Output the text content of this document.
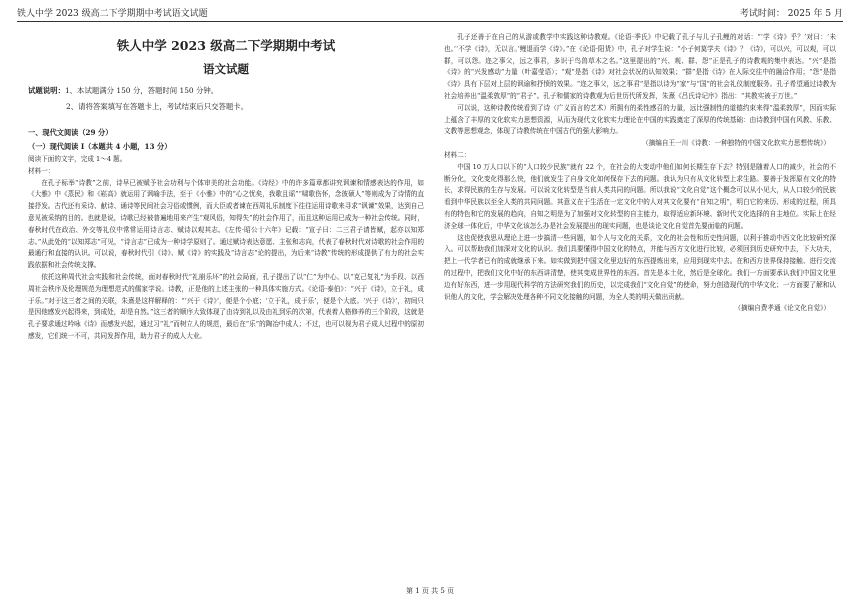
铁人中学 2023 级高二下学期期中考试语文试题	考试时间： 2025 年 5 月
铁人中学 2023 级高二下学期期中考试
语文试题
试题说明：1、本试题满分 150 分，答题时间 150 分钟。
2、请将答案填写在答题卡上，考试结束后只交答题卡。
一、现代文阅读（29 分）
（一）现代阅读 Ⅰ（本题共 4 小题，13 分）

阅读下面的文字，完成 1～4 题。

材料一：

在孔子标举“诗教”之前，诗早已被赋予社会功利与个体审美的社会功能。《诗经》中的许多篇章都讲究讽谏和情感表达的作用，如《大雅》中《蒸民》和《崧高》就运用了讽喻手法，至于《小雅》中的“心之忧矣，我歌且谣”“啸歌伤怀，念彼硕人”等则成为了诗情的直接抒发。古代还有采诗、献诗、诵诗等民间社会习俗或惯例，而大臣或者谏在西周礼乐制度下往往运用诗歌来寻求“讽谏”效果，达到自己意见被采纳的目的。也就是说，诗歌已经被普遍地用来产生“观风俗，知得失”的社会作用了，而且这种运用已成为一种社会传统。同时，春秋时代在政治、外交等礼仪中常常运用诗言志、赋诗以观其志。《左传·昭公十六年》记载：“宣子曰：二三君子请皆赋，起亦以知郑志。”从此处的“以知郑志”可见，“诗言志”已成为一种诗学原则了。通过赋诗表达意愿、主张和志向，代表了春秋时代对诗歌的社会作用的最通行和直接的认识。可以说，春秋时代引《诗》、赋《诗》的实践及“诗言志”论的提出，为后来“诗教”传统的形成提供了有力的社会实践依据和社会传统支撑。

依托这种周代社会实践和社会传统，面对春秋时代“礼崩乐坏”的社会局面，孔子提出了以“仁”为中心、以“克己复礼”为手段、以西周社会秩序及伦理规范为理想范式的儒家学说。诗教，正是他的上述主张的一种具体实施方式。《论语·泰伯》：“兴于《诗》，立于礼，成于乐。”对于这三者之间的关联，朱熹是这样解释的：“‘兴于《诗》’，便是个小底；‘立于礼，成于乐’，便是个大底。‘兴于《诗》’，初间只是因他感发兴起得来，到成处，却是自然。”这三者的顺序大致体现了由诗到礼以及由礼到乐的次第，代表着人格修养的三个阶段，这就是孔子要求通过吟咏《诗》而感发兴起，通过习“礼”而树立人的规范，最后在“乐”的陶冶中成人；不过，也可以视为君子成人过程中的原初感发，它们统一不可，共同发挥作用，助力君子的成人大业。

孔子还善于在自己的从游或教学中实践这种诗教观。《论语·季氏》中记载了孔子与儿子孔鲤的对话：“‘学《诗》乎？’对曰：‘未也。’‘不学《诗》，无以言。’鲤退而学《诗》。”在《论语·阳货》中，孔子对学生说：“小子何莫学夫《诗》？《诗》，可以兴，可以观，可以群，可以怨。迩之事父，远之事君，多识于鸟兽草木之名。”这里提出的“兴、观、群、怨”正是孔子的诗教观的集中表达。“兴”是指《诗》的“兴发感动”力量（叶嘉莹语）；“观”是指《诗》对社会状况的认知效果；“群”是指《诗》在人际交往中的融洽作用；“怨”是指《诗》具有下层对上层的讽谕和抒愤的效果。“迩之事父，远之事君”是指以诗为“家”与“国”的社会礼仪制度服务。孔子希望通过诗教为社会培养出“温柔敦厚”的“君子”。孔子和儒家的诗教观为后世历代所发挥，朱熹《吕氏诗记序》指出：“其教实被于万世。”

可以说，这种诗教传统看到了诗（广义而言的艺术）所拥有的柔性感召的力量，远比强制性的道德约束来得“温柔敦厚”，因而实际上蕴含了丰厚的文化软实力思想资源，从而为现代文化软实力理论在中国的实践奠定了深厚的传统基础：由诗教到中国有风教、乐教、文教等思想观念，体现了诗教传统在中国古代的强大影响力。

（摘编自王一川《诗教：一种独特的中国文化软实力思想传统》）

材料二：

中国 10 万人口以下的“人口较少民族”就有 22 个，在社会的大变动中他们如何长期生存下去？特别是随着人口的减少，社会的不断分化，文化变化得那么快，他们就发生了自身文化如何保存下去的问题。我认为只有从文化转型上求生路。要善于发挥原有文化的特长，求得民族的生存与发展。可以说文化转型是当前人类共同的问题。所以我说“文化自觉”这个概念可以从小见大，从人口较少的民族看到中华民族以至全人类的共同问题。其意义在于生活在一定文化中的人对其文化要有“自知之明”，明白它的来历、形成的过程，所具有的特色和它的发展的趋向，自知之明是为了加强对文化转型的自主能力，取得适应新环境、新时代文化选择的自主地位。实际上在经济全球一体化后，中华文化该怎么办是社会发展提出的现实问题，也是谈论文化自觉首先要面临的问题。

这也促使我思从理论上进一步搞清一些问题，如个人与文化的关系，文化的社会性和历史性问题，以利于推动中西文化比较研究深入。可以帮助我们加深对文化的认识。我们具要懂得中国文化的特点，并能与西方文化进行比较，必须回到历史研究中去，下大功夫，把上一代学者已有的成就继承下来。如实做到把中国文化里边好的东西提炼出来，应用到现实中去。在和西方世界保持接触、进行交流的过程中，把我们文化中好的东西讲清楚，使其变成世界性的东西。首先是本土化，然后是全球化。我们一方面要承认我们中国文化里边有好东西，进一步用现代科学的方法研究我们的历史，以完成我们“文化自觉”的使命，努力创造现代的中华文化；一方面要了解和认识他人的文化，学会解决处理各种不同文化接触的问题，为全人类的明天做出贡献。

（摘编自费孝通《论文化自觉》）

第 1 页 共 5 页
